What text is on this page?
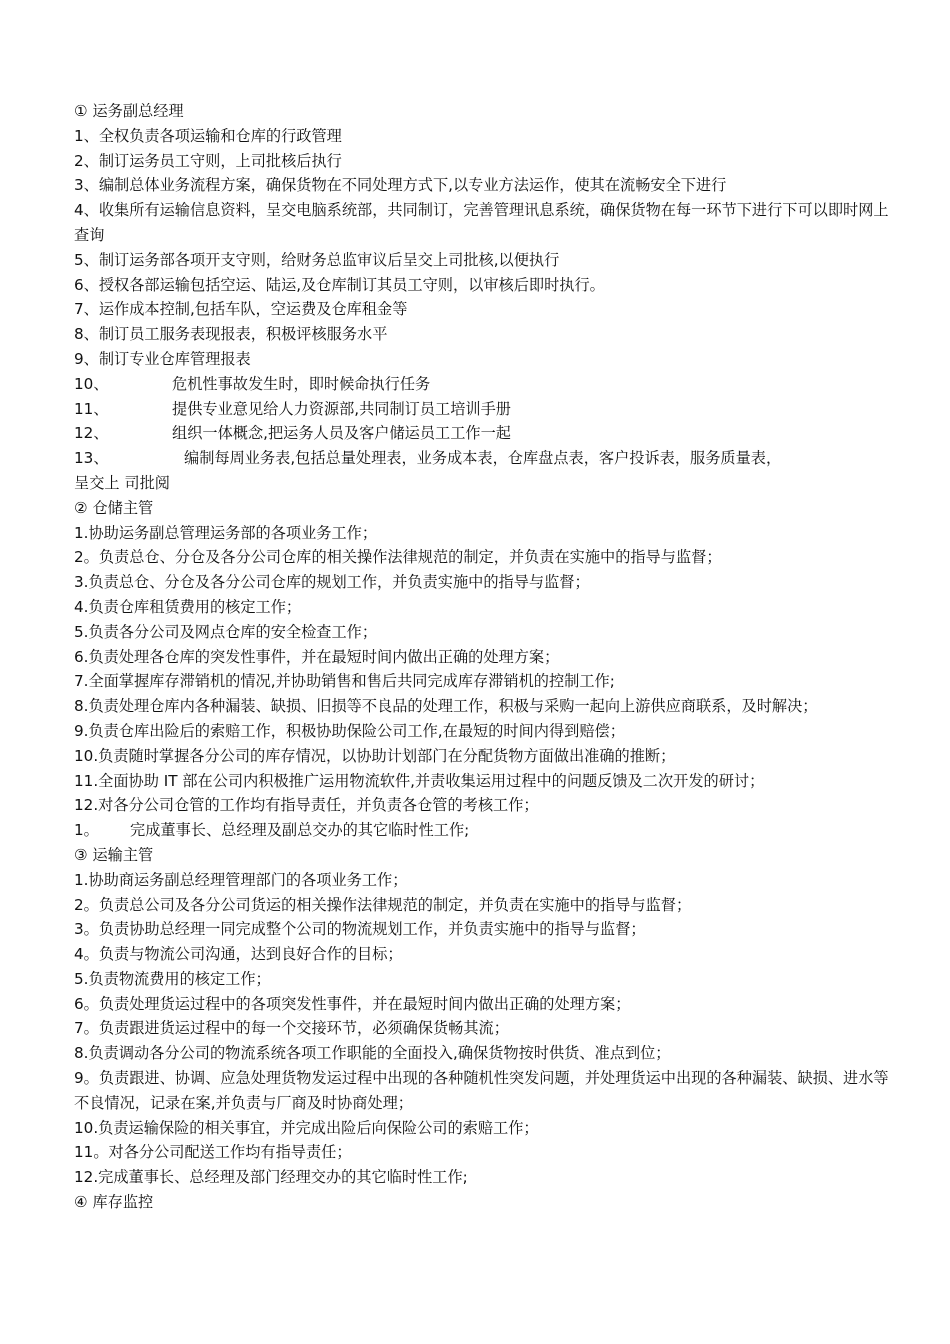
① 运务副总经理
1、全权负责各项运输和仓库的行政管理
2、制订运务员工守则，上司批核后执行
3、编制总体业务流程方案，确保货物在不同处理方式下,以专业方法运作，使其在流畅安全下进行
4、收集所有运输信息资料，呈交电脑系统部，共同制订，完善管理讯息系统，确保货物在每一环节下进行下可以即时网上查询
5、制订运务部各项开支守则，给财务总监审议后呈交上司批核,以便执行
6、授权各部运输包括空运、陆运,及仓库制订其员工守则，以审核后即时执行。
7、运作成本控制,包括车队，空运费及仓库租金等
8、制订员工服务表现报表，积极评核服务水平
9、制订专业仓库管理报表
10、	危机性事故发生时，即时候命执行任务
11、	提供专业意见给人力资源部,共同制订员工培训手册
12、	组织一体概念,把运务人员及客户储运员工工作一起
13、	编制每周业务表,包括总量处理表，业务成本表，仓库盘点表，客户投诉表，服务质量表，
呈交上 司批阅
② 仓储主管
1.协助运务副总管理运务部的各项业务工作；
2。负责总仓、分仓及各分公司仓库的相关操作法律规范的制定，并负责在实施中的指导与监督；
3.负责总仓、分仓及各分公司仓库的规划工作，并负责实施中的指导与监督；
4.负责仓库租赁费用的核定工作；
5.负责各分公司及网点仓库的安全检查工作；
6.负责处理各仓库的突发性事件，并在最短时间内做出正确的处理方案；
7.全面掌握库存滞销机的情况,并协助销售和售后共同完成库存滞销机的控制工作;
8.负责处理仓库内各种漏装、缺损、旧损等不良品的处理工作，积极与采购一起向上游供应商联系，及时解决；
9.负责仓库出险后的索赔工作，积极协助保险公司工作,在最短的时间内得到赔偿；
10.负责随时掌握各分公司的库存情况，以协助计划部门在分配货物方面做出准确的推断；
11.全面协助 IT 部在公司内积极推广运用物流软件,并责收集运用过程中的问题反馈及二次开发的研讨；
12.对各分公司仓管的工作均有指导责任，并负责各仓管的考核工作；
1。 完成董事长、总经理及副总交办的其它临时性工作;
③ 运输主管
1.协助商运务副总经理管理部门的各项业务工作；
2。负责总公司及各分公司货运的相关操作法律规范的制定，并负责在实施中的指导与监督；
3。负责协助总经理一同完成整个公司的物流规划工作，并负责实施中的指导与监督；
4。负责与物流公司沟通，达到良好合作的目标；
5.负责物流费用的核定工作；
6。负责处理货运过程中的各项突发性事件，并在最短时间内做出正确的处理方案；
7。负责跟进货运过程中的每一个交接环节，必须确保货畅其流；
8.负责调动各分公司的物流系统各项工作职能的全面投入,确保货物按时供货、准点到位；
9。负责跟进、协调、应急处理货物发运过程中出现的各种随机性突发问题，并处理货运中出现的各种漏装、缺损、进水等不良情况，记录在案,并负责与厂商及时协商处理；
10.负责运输保险的相关事宜，并完成出险后向保险公司的索赔工作；
11。对各分公司配送工作均有指导责任；
12.完成董事长、总经理及部门经理交办的其它临时性工作;
④ 库存监控
